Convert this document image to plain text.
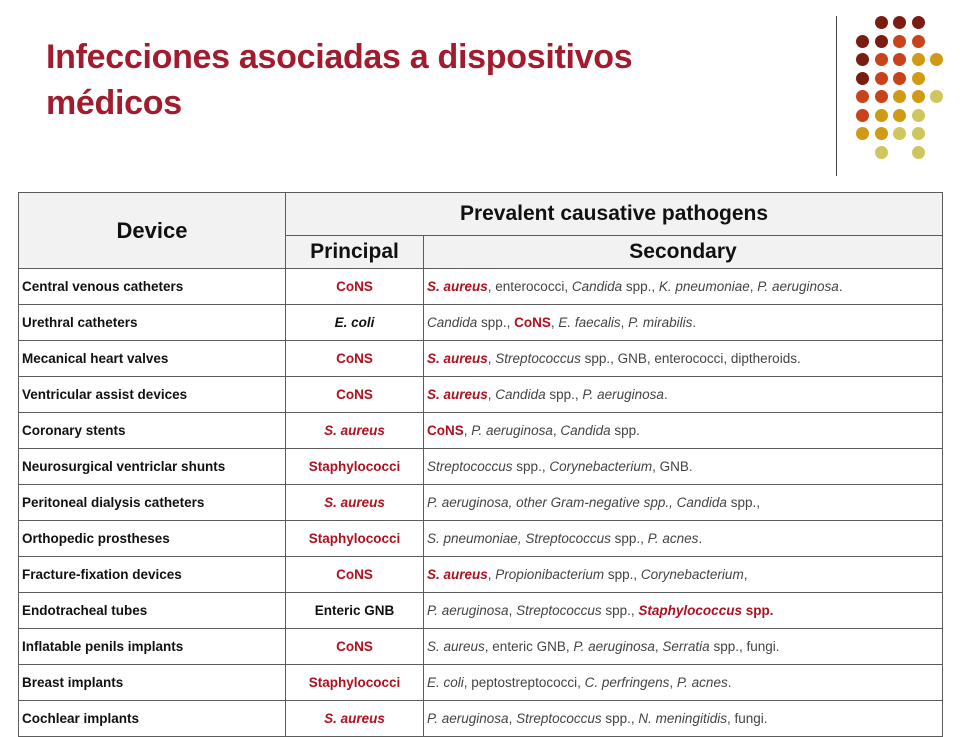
Infecciones asociadas a dispositivos médicos
Device	Prevalent causative pathogens	
	Principal	Secondary
Central venous catheters	CoNS	S. aureus, enterococci, Candida spp., K. pneumoniae, P. aeruginosa.
Urethral catheters	E. coli	Candida spp., CoNS, E. faecalis, P. mirabilis.
Mecanical heart valves	CoNS	S. aureus, Streptococcus spp., GNB, enterococci, diptheroids.
Ventricular assist devices	CoNS	S. aureus, Candida spp., P. aeruginosa.
Coronary stents	S. aureus	CoNS, P. aeruginosa, Candida spp.
Neurosurgical ventriclar shunts	Staphylococci	Streptococcus spp., Corynebacterium, GNB.
Peritoneal dialysis catheters	S. aureus	P. aeruginosa, other Gram-negative spp., Candida spp.,
Orthopedic prostheses	Staphylococci	S. pneumoniae, Streptococcus spp., P. acnes.
Fracture-fixation devices	CoNS	S. aureus, Propionibacterium spp., Corynebacterium,
Endotracheal tubes	Enteric GNB	P. aeruginosa, Streptococcus spp., Staphylococcus spp.
Inflatable penils implants	CoNS	S. aureus, enteric GNB, P. aeruginosa, Serratia spp., fungi.
Breast implants	Staphylococci	E. coli, peptostreptococci, C. perfringens, P. acnes.
Cochlear implants	S. aureus	P. aeruginosa, Streptococcus spp., N. meningitidis, fungi.
